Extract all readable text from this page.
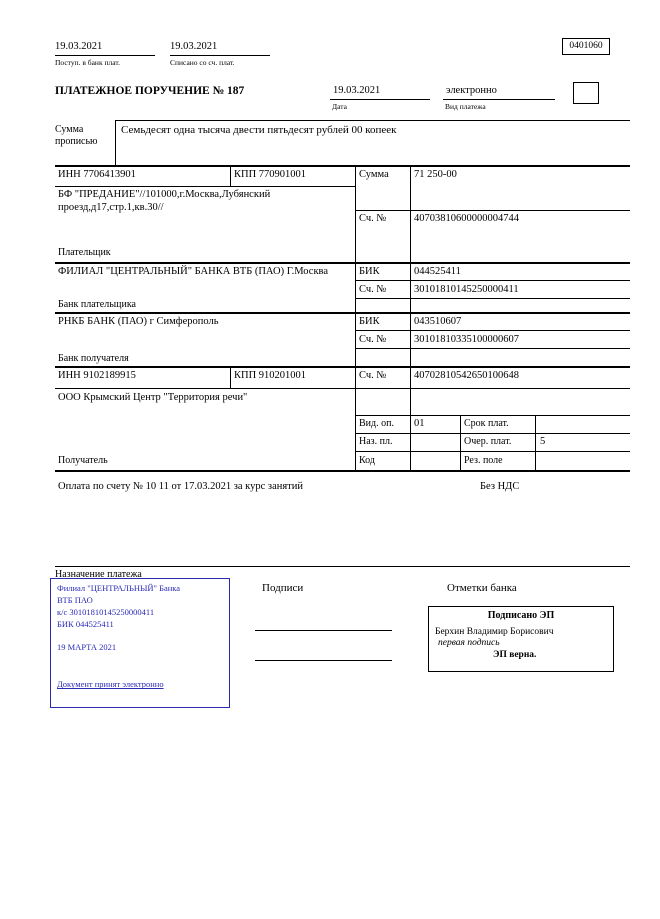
19.03.2021
Поступ. в банк плат.
19.03.2021
Списано со сч. плат.
0401060
ПЛАТЕЖНОЕ ПОРУЧЕНИЕ № 187	19.03.2021
Дата
электронно
Вид платежа
Сумма
прописью
Семьдесят одна тысяча двести пятьдесят рублей 00 копеек
ИНН 7706413901	КПП 770901001	Сумма 71 250-00
БФ "ПРЕДАНИЕ"//101000,г.Москва,Лубянский проезд,д17,стр.1,кв.30//
Сч. №	40703810600000004744
Плательщик
ФИЛИАЛ "ЦЕНТРАЛЬНЫЙ" БАНКА ВТБ (ПАО) Г.Москва	БИК	044525411
Сч. №	30101810145250000411
Банк плательщика
РНКБ БАНК (ПАО) г Симферополь	БИК	043510607
Сч. №	30101810335100000607
Банк получателя
ИНН 9102189915	КПП 910201001	Сч. №	40702810542650100648
ООО Крымский Центр "Территория речи"
Получатель
Вид. оп. 01	Срок плат.
Наз. пл.	Очер. плат.	5
Код	Рез. поле
Оплата по счету № 10 11 от 17.03.2021 за курс занятий	Без НДС
Назначение платежа
Подписи	Отметки банка
Филиал "ЦЕНТРАЛЬНЫЙ" Банка
ВТБ ПАО
к/с 30101810145250000411
БИК 044525411
19 МАРТА 2021
Документ принят электронно
Подписано ЭП
Берхин Владимир Борисович
первая подпись
ЭП верна.
